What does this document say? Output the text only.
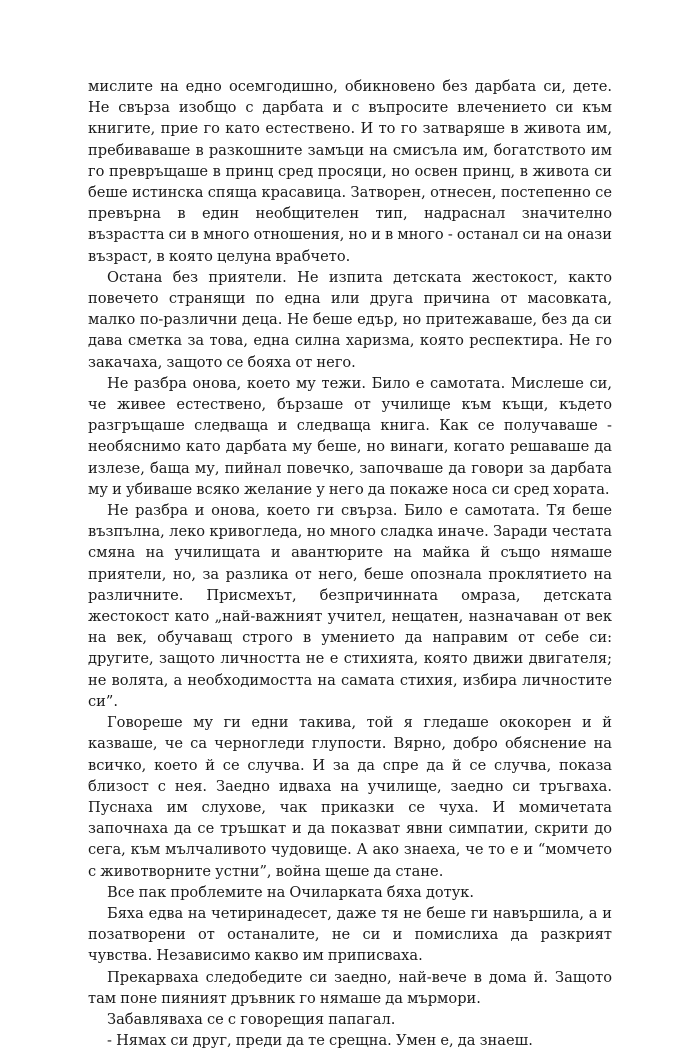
мислите на едно осемгодишно, обикновено без дарбата си, дете. Не свърза изобщо с дарбата и с въпросите влечението си към книгите, прие го като естествено. И то го затваряше в живота им, пребиваваше в разкошните замъци на смисъла им, богатството им го превръщаше в принц сред просяци, но освен принц, в живота си беше истинска спяща красавица. Затворен, отнесен, постепенно се превърна в един необщителен тип, надраснал значително възрастта си в много отношения, но и в много - останал си на онази възраст, в която целуна врабчето.

Остана без приятели. Не изпита детската жестокост, както повечето странящи по една или друга причина от масовката, малко по-различни деца. Не беше едър, но притежаваше, без да си дава сметка за това, една силна харизма, която респектира. Не го закачаха, защото се бояха от него.

Не разбра онова, което му тежи. Било е самотата. Мислеше си, че живее естествено, бързаше от училище към къщи, където разгръщаше следваща и следваща книга. Как се получаваше - необяснимо като дарбата му беше, но винаги, когато решаваше да излезе, баща му, пийнал повечко, започваше да говори за дарбата му и убиваше всяко желание у него да покаже носа си сред хората.

Не разбра и онова, което ги свърза. Било е самотата. Тя беше възпълна, леко кривогледа, но много сладка иначе. Заради честата смяна на училищата и авантюрите на майка й също нямаше приятели, но, за разлика от него, беше опознала проклятието на различните. Присмехът, безпричинната омраза, детската жестокост като „най-важният учител, нещатен, назначаван от век на век, обучаващ строго в умението да направим от себе си: другите, защото личността не е стихията, която движи двигателя; не волята, а необходимостта на самата стихия, избира личностите си”.

Говореше му ги едни такива, той я гледаше ококорен и й казваше, че са черногледи глупости. Вярно, добро обяснение на всичко, което й се случва. И за да спре да й се случва, показа близост с нея. Заедно идваха на училище, заедно си тръгваха. Пуснаха им слухове, чак приказки се чуха. И момичетата започнаха да се тръшкат и да показват явни симпатии, скрити до сега, към мълчаливото чудовище. А ако знаеха, че то е и “момчето с животворните устни”, война щеше да стане.

Все пак проблемите на Очиларката бяха дотук.

Бяха едва на четиринадесет, даже тя не беше ги навършила, а и позатворени от останалите, не си и помислиха да разкрият чувства. Независимо какво им приписваха.

Прекарваха следобедите си заедно, най-вече в дома й. Защото там поне пияният дръвник го нямаше да мърмори.

Забавляваха се с говорещия папагал.

- Нямах си друг, преди да те срещна. Умен е, да знаеш.
